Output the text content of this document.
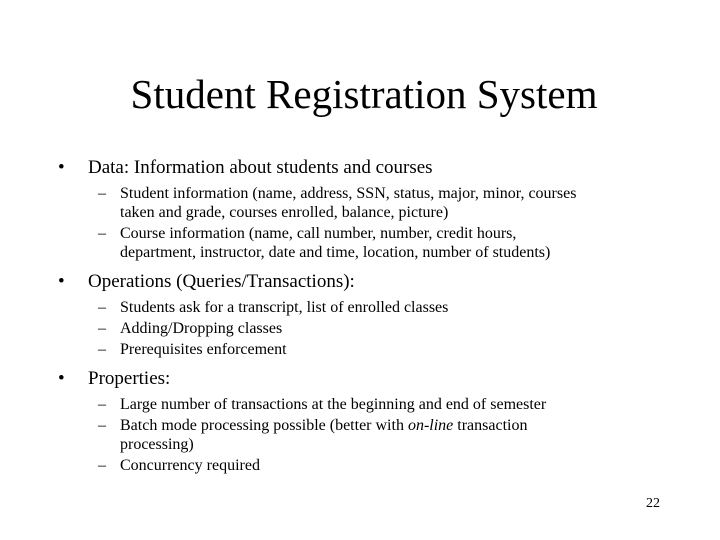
Student Registration System
• Data: Information about students and courses
– Student information (name, address, SSN, status, major, minor, courses
taken and grade, courses enrolled, balance, picture)
– Course information (name, call number, number, credit hours,
department, instructor, date and time, location, number of students)
• Operations (Queries/Transactions):
– Students ask for a transcript, list of enrolled classes
– Adding/Dropping classes
– Prerequisites enforcement
• Properties:
– Large number of transactions at the beginning and end of semester
– Batch mode processing possible (better with on-line transaction
processing)
– Concurrency required
22
